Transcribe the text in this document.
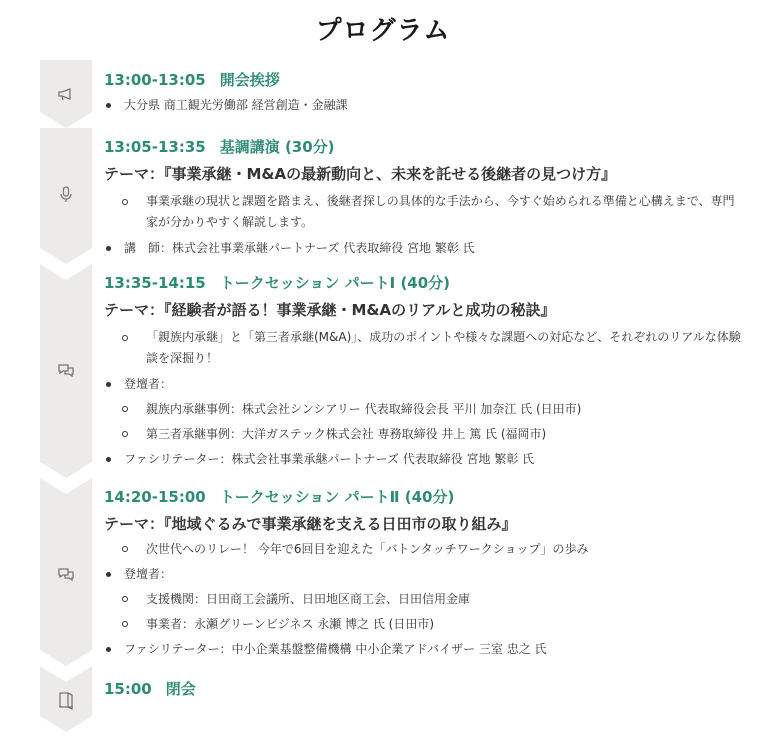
プログラム
13:00-13:05 開会挨拶
大分県 商工観光労働部 経営創造・金融課
13:05-13:35 基調講演 (30分)
テーマ：『事業承継・M&Aの最新動向と、未来を託せる後継者の見つけ方』
事業承継の現状と課題を踏まえ、後継者探しの具体的な手法から、今すぐ始められる準備と心構えまで、専門家が分かりやすく解説します。
講　師：株式会社事業承継パートナーズ 代表取締役 宮地 繁彰 氏
13:35-14:15 トークセッション パートⅠ (40分)
テーマ：『経験者が語る！事業承継・M&Aのリアルと成功の秘訣』
「親族内承継」と「第三者承継(M&A)」、成功のポイントや様々な課題への対応など、それぞれのリアルな体験談を深掘り！
登壇者：
親族内承継事例：株式会社シンシアリー 代表取締役会長 平川 加奈江 氏 (日田市)
第三者承継事例：大洋ガステック株式会社 専務取締役 井上 篤 氏 (福岡市)
ファシリテーター：株式会社事業承継パートナーズ 代表取締役 宮地 繁彰 氏
14:20-15:00 トークセッション パートⅡ (40分)
テーマ：『地域ぐるみで事業承継を支える日田市の取り組み』
次世代へのリレー！ 今年で6回目を迎えた「バトンタッチワークショップ」の歩み
登壇者：
支援機関：日田商工会議所、日田地区商工会、日田信用金庫
事業者：永瀬グリーンビジネス 永瀬 博之 氏 (日田市)
ファシリテーター：中小企業基盤整備機構 中小企業アドバイザー 三室 忠之 氏
15:00 閉会
